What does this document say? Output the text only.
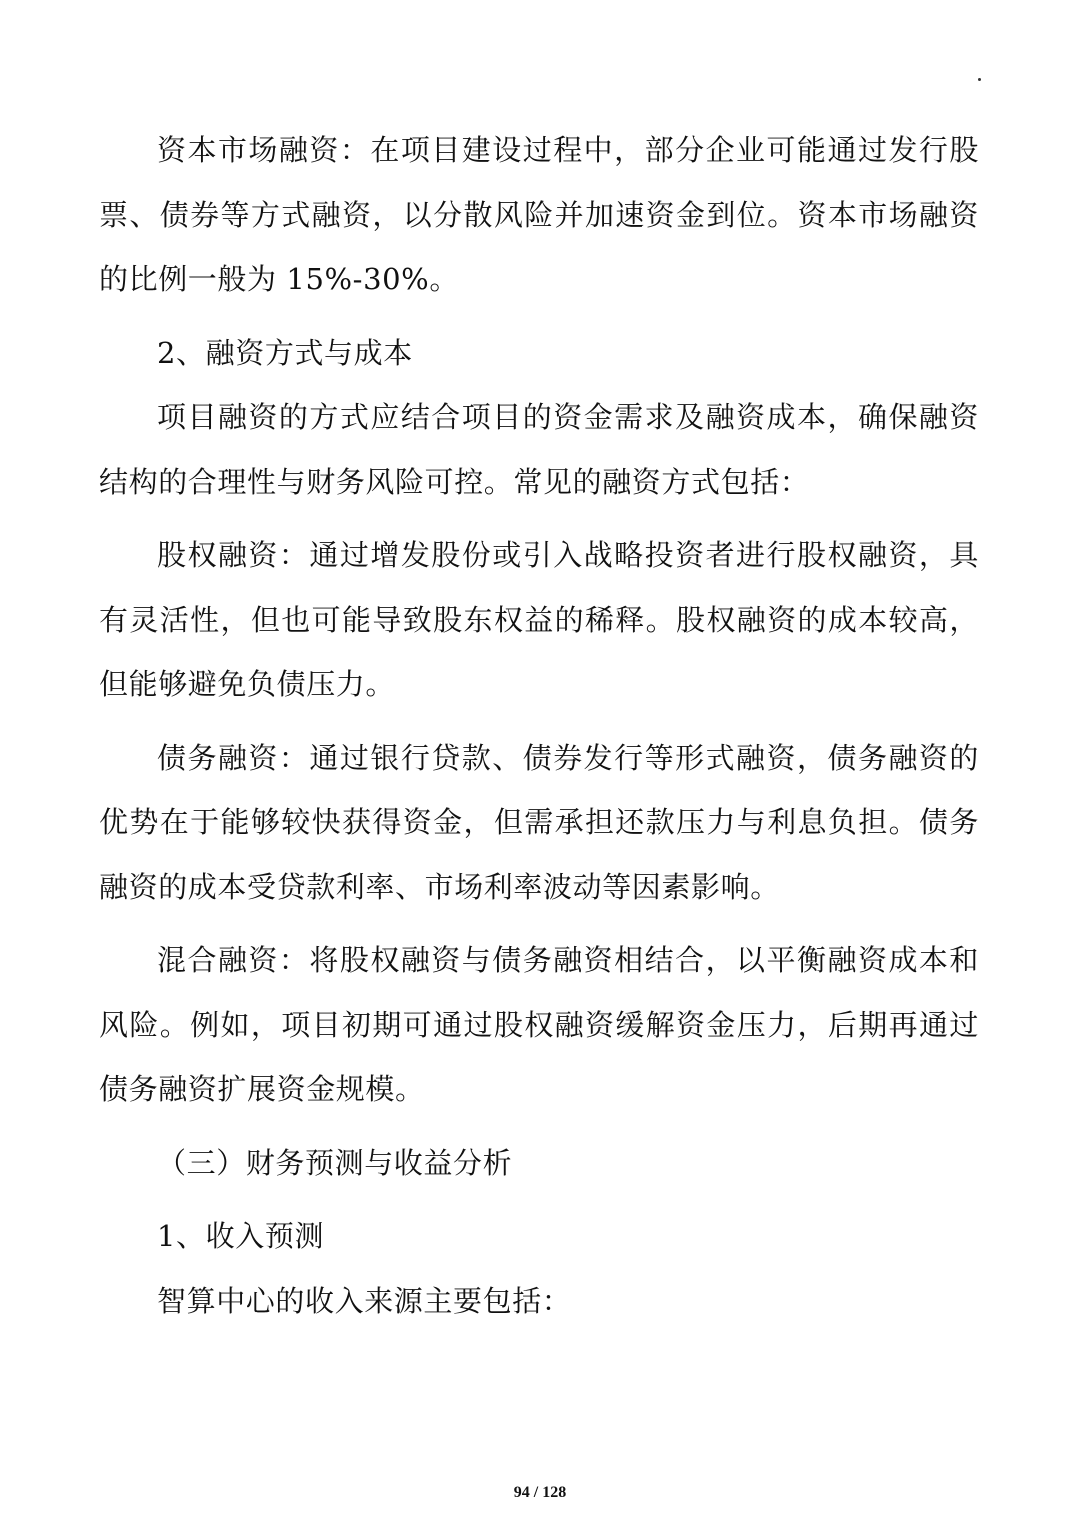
资本市场融资：在项目建设过程中，部分企业可能通过发行股票、债券等方式融资，以分散风险并加速资金到位。资本市场融资的比例一般为 15%-30%。

2、融资方式与成本

项目融资的方式应结合项目的资金需求及融资成本，确保融资结构的合理性与财务风险可控。常见的融资方式包括：

股权融资：通过增发股份或引入战略投资者进行股权融资，具有灵活性，但也可能导致股东权益的稀释。股权融资的成本较高，但能够避免负债压力。

债务融资：通过银行贷款、债券发行等形式融资，债务融资的优势在于能够较快获得资金，但需承担还款压力与利息负担。债务融资的成本受贷款利率、市场利率波动等因素影响。

混合融资：将股权融资与债务融资相结合，以平衡融资成本和风险。例如，项目初期可通过股权融资缓解资金压力，后期再通过债务融资扩展资金规模。

（三）财务预测与收益分析

1、收入预测

智算中心的收入来源主要包括：

94 / 128
